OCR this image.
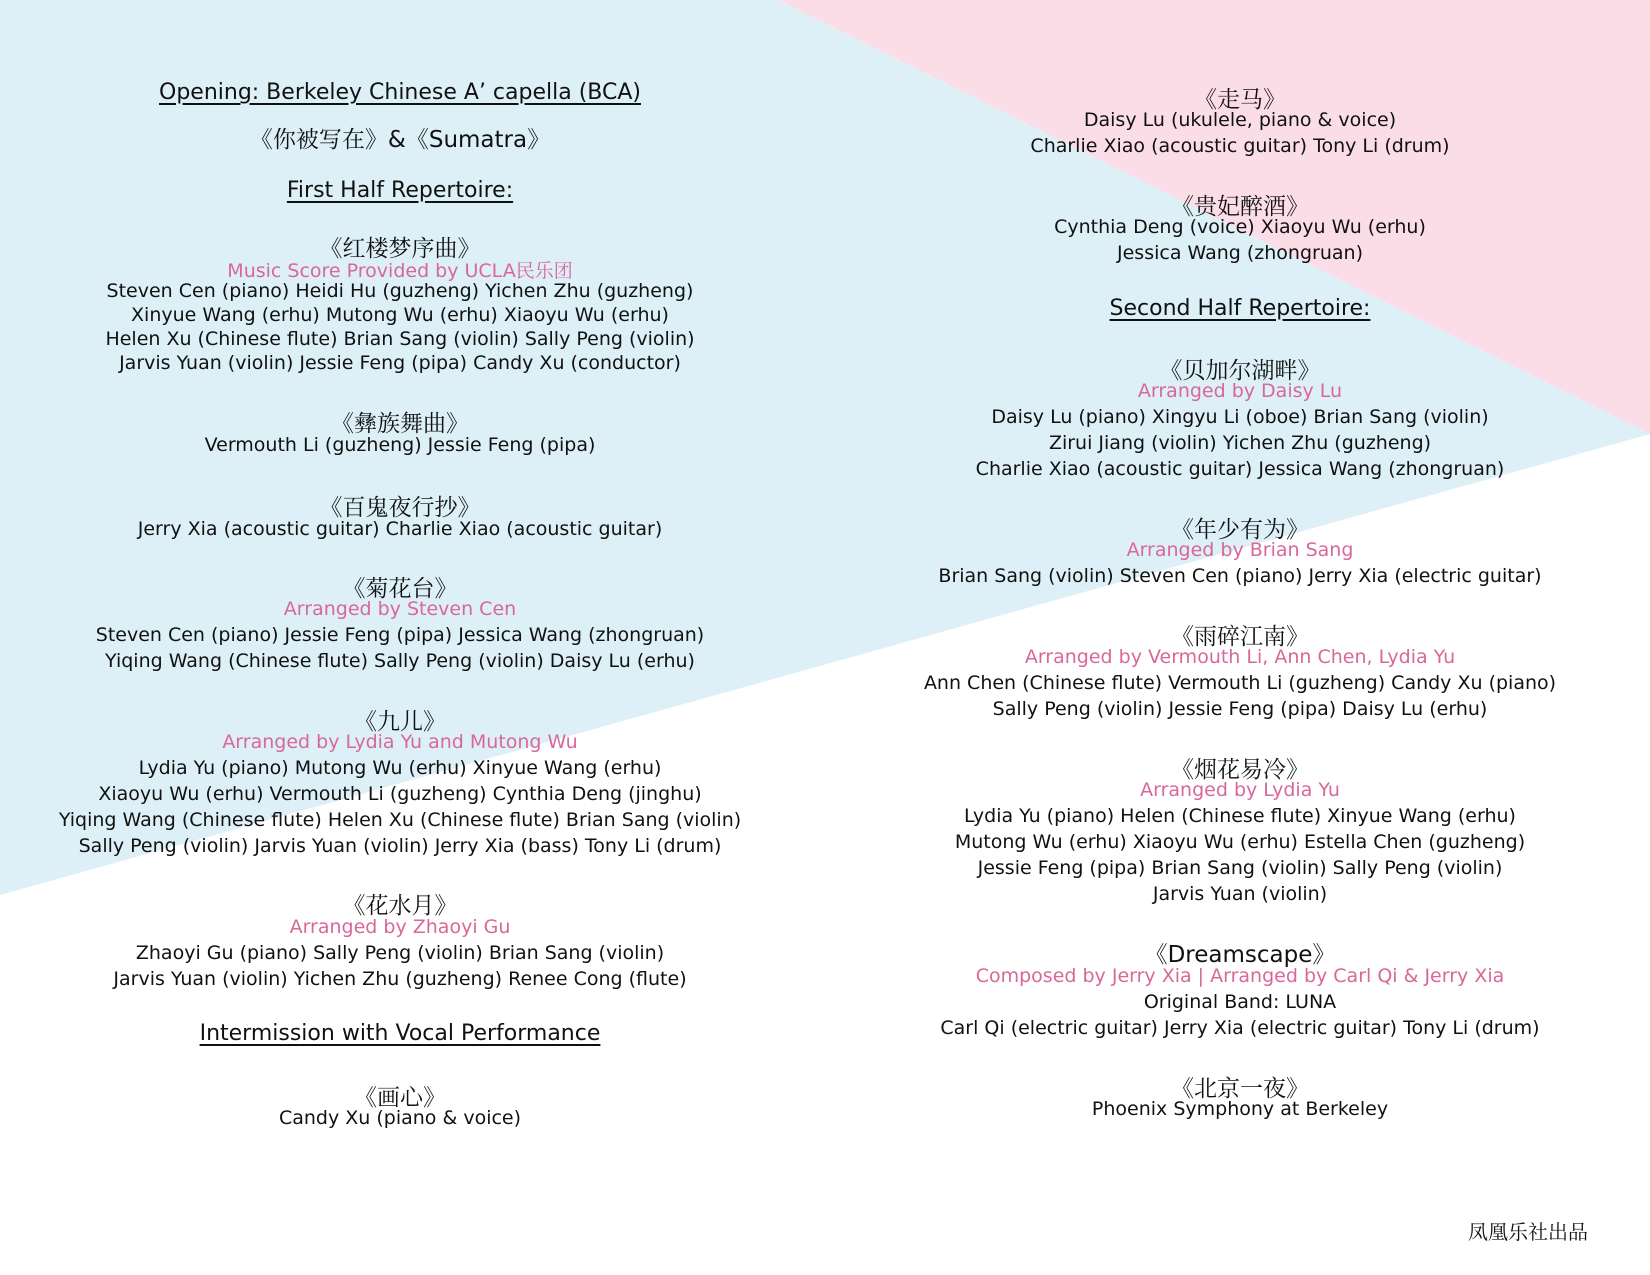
Opening: Berkeley Chinese A’ capella (BCA)
《你被写在》&《Sumatra》
First Half Repertoire:
《红楼梦序曲》
Music Score Provided by UCLA民乐团
Steven Cen (piano) Heidi Hu (guzheng) Yichen Zhu (guzheng)
Xinyue Wang (erhu) Mutong Wu (erhu) Xiaoyu Wu (erhu)
Helen Xu (Chinese flute) Brian Sang (violin) Sally Peng (violin)
Jarvis Yuan (violin) Jessie Feng (pipa) Candy Xu (conductor)
《彝族舞曲》
Vermouth Li (guzheng) Jessie Feng (pipa)
《百鬼夜行抄》
Jerry Xia (acoustic guitar) Charlie Xiao (acoustic guitar)
《菊花台》
Arranged by Steven Cen
Steven Cen (piano) Jessie Feng (pipa) Jessica Wang (zhongruan)
Yiqing Wang (Chinese flute) Sally Peng (violin) Daisy Lu (erhu)
《九儿》
Arranged by Lydia Yu and Mutong Wu
Lydia Yu (piano) Mutong Wu (erhu) Xinyue Wang (erhu)
Xiaoyu Wu (erhu) Vermouth Li (guzheng) Cynthia Deng (jinghu)
Yiqing Wang (Chinese flute) Helen Xu (Chinese flute) Brian Sang (violin)
Sally Peng (violin) Jarvis Yuan (violin) Jerry Xia (bass) Tony Li (drum)
《花水月》
Arranged by Zhaoyi Gu
Zhaoyi Gu (piano) Sally Peng (violin) Brian Sang (violin)
Jarvis Yuan (violin) Yichen Zhu (guzheng) Renee Cong (flute)
Intermission with Vocal Performance
《画心》
Candy Xu (piano & voice)
《走马》
Daisy Lu (ukulele, piano & voice)
Charlie Xiao (acoustic guitar) Tony Li (drum)
《贵妃醉酒》
Cynthia Deng (voice) Xiaoyu Wu (erhu)
Jessica Wang (zhongruan)
Second Half Repertoire:
《贝加尔湖畔》
Arranged by Daisy Lu
Daisy Lu (piano) Xingyu Li (oboe) Brian Sang (violin)
Zirui Jiang (violin) Yichen Zhu (guzheng)
Charlie Xiao (acoustic guitar) Jessica Wang (zhongruan)
《年少有为》
Arranged by Brian Sang
Brian Sang (violin) Steven Cen (piano) Jerry Xia (electric guitar)
《雨碎江南》
Arranged by Vermouth Li, Ann Chen, Lydia Yu
Ann Chen (Chinese flute) Vermouth Li (guzheng) Candy Xu (piano)
Sally Peng (violin) Jessie Feng (pipa) Daisy Lu (erhu)
《烟花易冷》
Arranged by Lydia Yu
Lydia Yu (piano) Helen (Chinese flute) Xinyue Wang (erhu)
Mutong Wu (erhu) Xiaoyu Wu (erhu) Estella Chen (guzheng)
Jessie Feng (pipa) Brian Sang (violin) Sally Peng (violin)
Jarvis Yuan (violin)
《Dreamscape》
Composed by Jerry Xia | Arranged by Carl Qi & Jerry Xia
Original Band: LUNA
Carl Qi (electric guitar) Jerry Xia (electric guitar) Tony Li (drum)
《北京一夜》
Phoenix Symphony at Berkeley
凤凰乐社出品
